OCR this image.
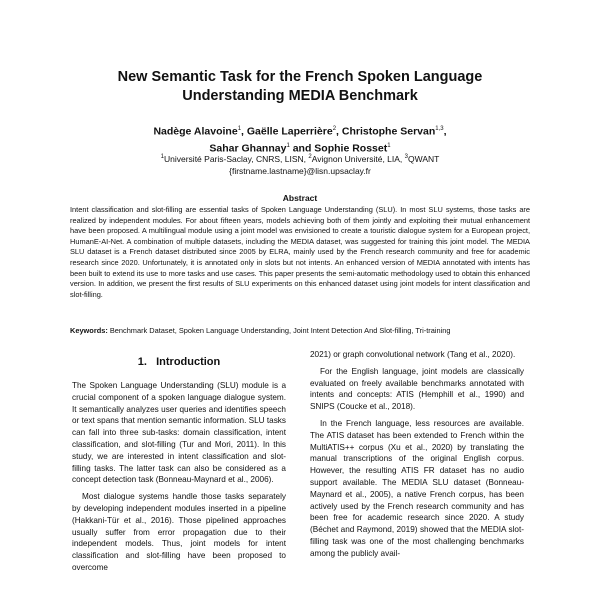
New Semantic Task for the French Spoken Language
Understanding MEDIA Benchmark
Nadège Alavoine$^1$, Gaëlle Laperrière$^2$, Christophe Servan$^{1,3}$,
Sahar Ghannay$^1$ and Sophie Rosset$^1$
$^1$Université Paris-Saclay, CNRS, LISN, $^2$Avignon Université, LIA, $^3$QWANT
{firstname.lastname}@lisn.upsaclay.fr
Abstract
Intent classification and slot-filling are essential tasks of Spoken Language Understanding (SLU). In most SLU systems, those tasks are realized by independent modules. For about fifteen years, models achieving both of them jointly and exploiting their mutual enhancement have been proposed. A multilingual module using a joint model was envisioned to create a touristic dialogue system for a European project, HumanE-AI-Net. A combination of multiple datasets, including the MEDIA dataset, was suggested for training this joint model. The MEDIA SLU dataset is a French dataset distributed since 2005 by ELRA, mainly used by the French research community and free for academic research since 2020. Unfortunately, it is annotated only in slots but not intents. An enhanced version of MEDIA annotated with intents has been built to extend its use to more tasks and use cases. This paper presents the semi-automatic methodology used to obtain this enhanced version. In addition, we present the first results of SLU experiments on this enhanced dataset using joint models for intent classification and slot-filling.
Keywords: Benchmark Dataset, Spoken Language Understanding, Joint Intent Detection And Slot-filling, Tri-training
1. Introduction

The Spoken Language Understanding (SLU) module is a crucial component of a spoken language dialogue system. It semantically analyzes user queries and identifies speech or text spans that mention semantic information. SLU tasks can fall into three sub-tasks: domain classification, intent classification, and slot-filling (Tur and Mori, 2011). In this study, we are interested in intent classification and slot-filling tasks. The latter task can also be considered as a concept detection task (Bonneau-Maynard et al., 2006).

Most dialogue systems handle those tasks separately by developing independent modules inserted in a pipeline (Hakkani-Tür et al., 2016). Those pipelined approaches usually suffer from error propagation due to their independent models. Thus, joint models for intent classification and slot-filling have been proposed to overcome

2021) or graph convolutional network (Tang et al., 2020).

For the English language, joint models are classically evaluated on freely available benchmarks annotated with intents and concepts: ATIS (Hemphill et al., 1990) and SNIPS (Coucke et al., 2018).

In the French language, less resources are available. The ATIS dataset has been extended to French within the MultiATIS++ corpus (Xu et al., 2020) by translating the manual transcriptions of the original English corpus. However, the resulting ATIS FR dataset has no audio support available. The MEDIA SLU dataset (Bonneau-Maynard et al., 2005), a native French corpus, has been actively used by the French research community and has been free for academic research since 2020. A study (Béchet and Raymond, 2019) showed that the MEDIA slot-filling task was one of the most challenging benchmarks among the publicly avail-
